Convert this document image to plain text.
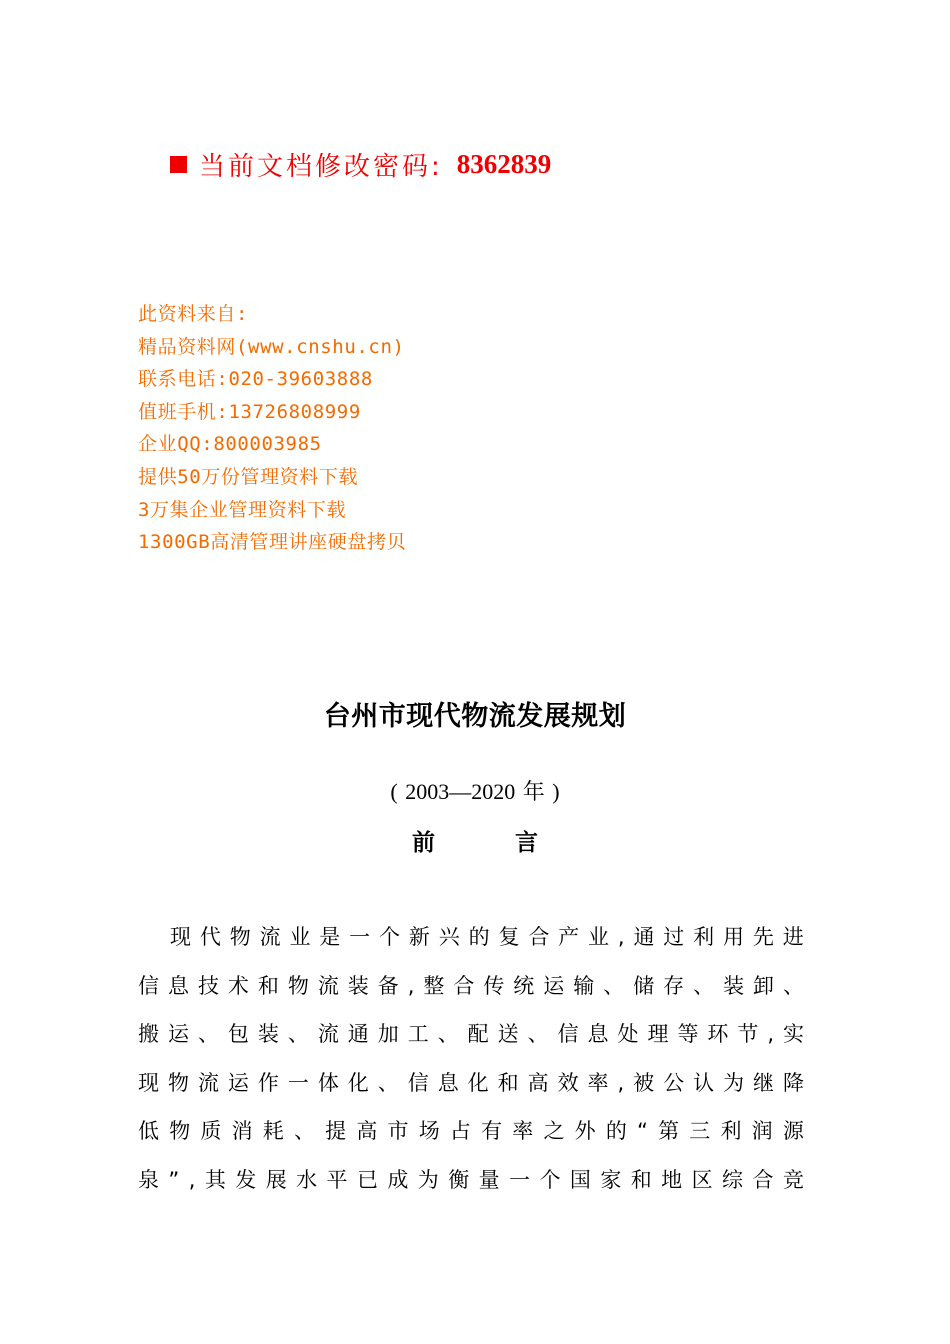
当前文档修改密码: 8362839
此资料来自:
精品资料网(www.cnshu.cn)
联系电话:020-39603888
值班手机:13726808999
企业QQ:800003985
提供50万份管理资料下载
3万集企业管理资料下载
1300GB高清管理讲座硬盘拷贝
台州市现代物流发展规划
( 2003—2020 年 )
前言
现 代 物 流 业 是 一 个 新 兴 的 复 合 产 业 , 通 过 利 用 先 进
信 息 技 术 和 物 流 装 备 , 整 合 传 统 运 输 、 储 存 、 装 卸 、
搬 运 、 包 装 、 流 通 加 工 、 配 送 、 信 息 处 理 等 环 节 , 实
现 物 流 运 作 一 体 化 、 信 息 化 和 高 效 率 , 被 公 认 为 继 降
低 物 质 消 耗 、 提 高 市 场 占 有 率 之 外 的 “ 第 三 利 润 源
泉 ” , 其 发 展 水 平 已 成 为 衡 量 一 个 国 家 和 地 区 综 合 竞
